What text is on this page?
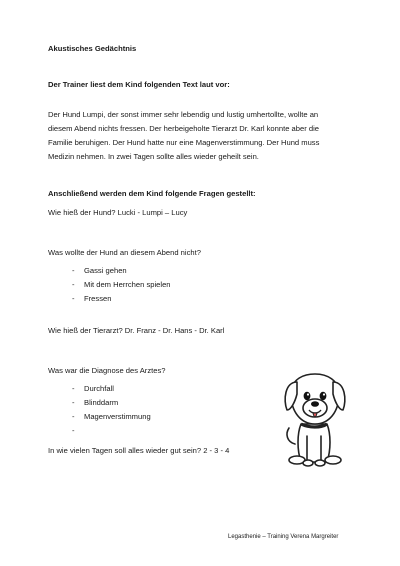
Akustisches Gedächtnis
Der Trainer liest dem Kind folgenden Text laut vor:
Der Hund Lumpi, der sonst immer sehr lebendig und lustig umhertollte, wollte an
diesem Abend nichts fressen. Der herbeigeholte Tierarzt Dr. Karl konnte aber die
Familie beruhigen. Der Hund hatte nur eine Magenverstimmung. Der Hund muss
Medizin nehmen. In zwei Tagen sollte alles wieder geheilt sein.
Anschließend werden dem Kind folgende Fragen gestellt:
Wie hieß der Hund? Lucki - Lumpi – Lucy
Was wollte der Hund an diesem Abend nicht?
- Gassi gehen
- Mit dem Herrchen spielen
- Fressen
Wie hieß der Tierarzt? Dr. Franz - Dr. Hans - Dr. Karl
Was war die Diagnose des Arztes?
- Durchfall
- Blinddarm
- Magenverstimmung
-
In wie vielen Tagen soll alles wieder gut sein? 2 - 3 - 4
Legasthenie – Training Verena Margreiter
